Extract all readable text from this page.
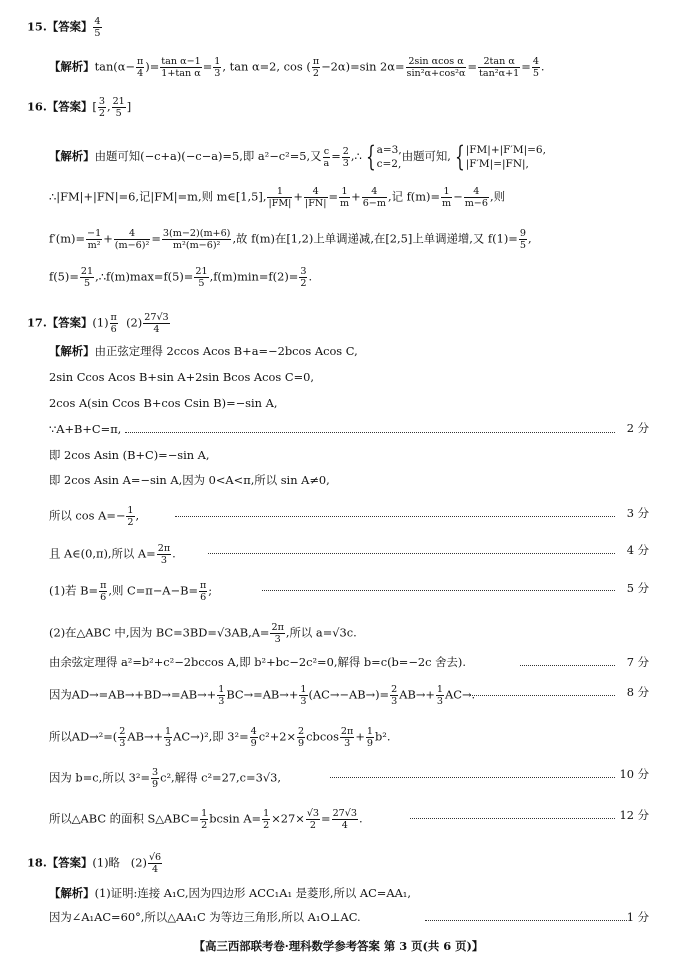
15.【答案】 $\frac{4}{5}$
【解析】$\tan(\alpha- \frac{\pi}{4}$ )= $\frac{\text{tan α−1}}{\text{1+tan α}} = \frac{1}{3}$ , tan α=2, cos ( $\frac{\pi}{2} -2\alpha)=\sin$ $2\alpha= \frac{\text{2sin αcos α}}{\text{sin²α+cos²α}} = \frac{\text{2tan α}}{\text{tan²α+1}} = \frac{4}{5}$ .
16.【答案】[ $\frac{3}{2}$ , $\frac{21}{5}$ ]
【解析】由题可知(−c+a)(−c−a)=5,即 a²−c²=5,又 $\frac{c}{a} = \frac{2}{3}$ ,∴ { a=3,
c=2,
由题可知, { |FM|+|F′M|=6,
|F′M|=|FN|,
∴|FM|+|FN|=6,记|FM|=m,则 m∈[1,5], $\frac{1}{|FM|} + \frac{4}{|FN|} = \frac{1}{m} + \frac{4}{6-m}$ ,记 $f(m)= \frac{1}{m} - \frac{4}{m-6}$ ,则
$f'(m)= \frac{-1}{\text{m²}} + \frac{4}{\text{(m−6)²}} = \frac{3(m-2)(m+6)}{\text{m²(m−6)²}}$ ,故 f(m)在[1,2)上单调递减,在[2,5]上单调递增,又 $f(1)= \frac{9}{5}$ ,
$f(5)= \frac{21}{5}$ ,∴f(m)max=f(5)= $\frac{21}{5} ,f(m)\min=f(2)= \frac{3}{2}$ .
17.【答案】$(1) \frac{\pi}{6} (2) \frac{27√3}{4}$
【解析】由正弦定理得 2ccos Acos B+a=−2bcos Acos C,
2sin Ccos Acos B+sin A+2sin Bcos Acos C=0,
2cos A(sin Ccos B+cos Csin B)=−sin A,
∵A+B+C=π,	2 分
即 2cos Asin (B+C)=−sin A,
即 2cos Asin A=−sin A,因为 0<A<π,所以 sin A≠0,
所以 $\cos A=- \frac{1}{2}$ ,	3 分
且 A∈(0,π),所以 $A= \frac{2\pi}{3}$ .	4 分
(1)若 $B= \frac{\pi}{6}$ ,则 $C=\pi-A-B= \frac{\pi}{6}$ ;	5 分
(2)在△ABC 中,因为 $BC=3BD=√3AB,A= \frac{2\pi}{3}$ ,所以 a=√3c.
由余弦定理得 a²=b²+c²−2bccos A,即 b²+bc−2c²=0,解得 b=c(b=−2c 舍去).	7 分
因为$AD\to=AB\to+BD\to=AB\to+ \frac{1}{3} BC\to=AB\to+ \frac{1}{3} (AC\to-AB\to)= \frac{2}{3} AB\to+ \frac{1}{3} AC\to$.	8 分
所以$AD\to^2=( \frac{2}{3} AB\to+ \frac{1}{3} AC\to)^2$,即 $3^2= \frac{4}{9} c^2+2\times \frac{2}{9}$ cbcos $\frac{2\pi}{3} + \frac{1}{9} b^2$.
因为 b=c,所以 $3^2= \frac{3}{9} c^2$,解得 c²=27,c=3√3,	10 分
所以△ABC 的面积 S△ABC= $\frac{1}{2}$ bcsin $A= \frac{1}{2} \times 27\times \frac{√3}{2} = \frac{27√3}{4}$ .	12 分
18.【答案】(1)略 $(2) \frac{√6}{4}$
【解析】(1)证明:连接 A₁C,因为四边形 ACC₁A₁ 是菱形,所以 AC=AA₁,
因为∠A₁AC=60°,所以△AA₁C 为等边三角形,所以 A₁O⊥AC.	1 分
【高三西部联考卷·理科数学参考答案 第 3 页(共 6 页)】
